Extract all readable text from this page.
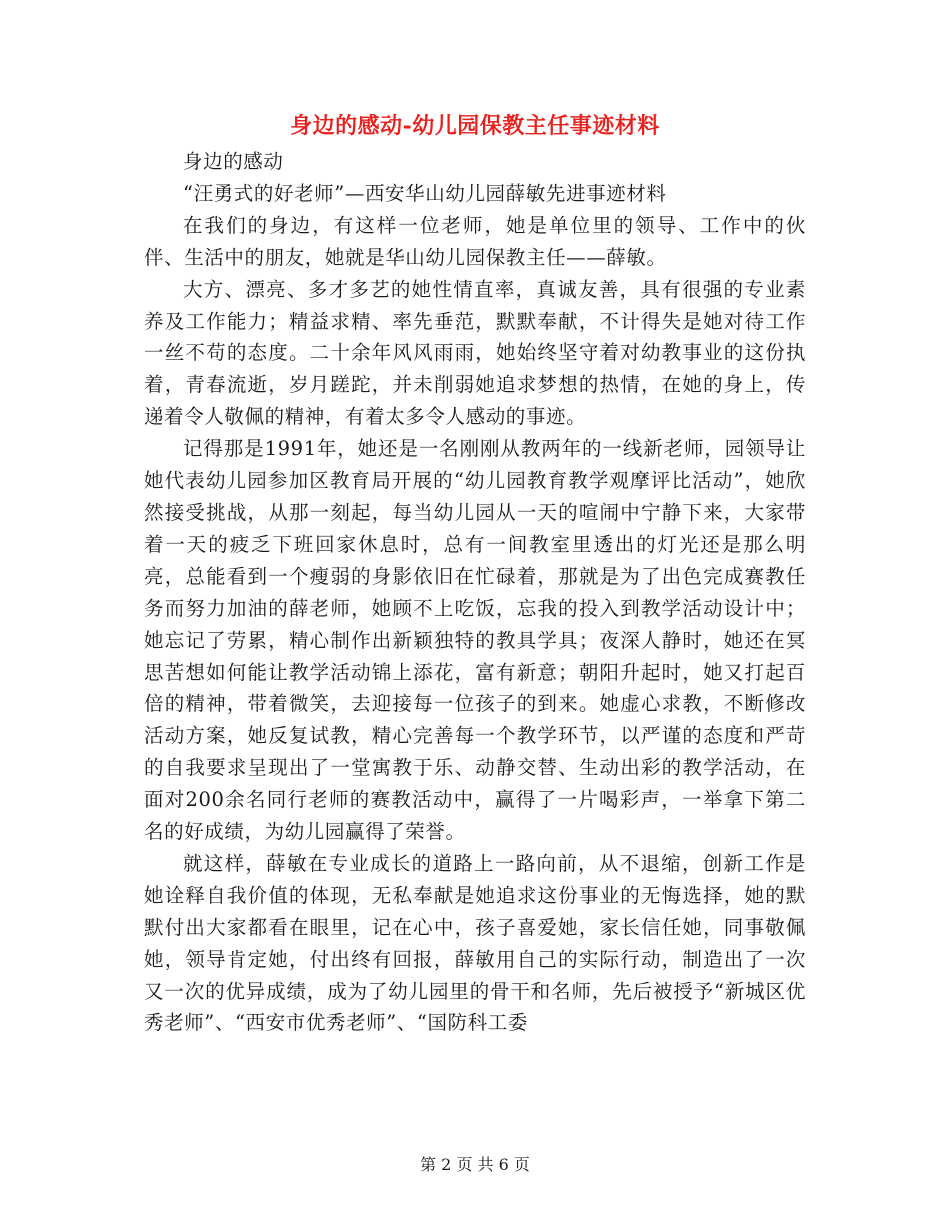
身边的感动-幼儿园保教主任事迹材料

身边的感动

“汪勇式的好老师”—西安华山幼儿园薛敏先进事迹材料

在我们的身边，有这样一位老师，她是单位里的领导、工作中的伙伴、生活中的朋友，她就是华山幼儿园保教主任——薛敏。

大方、漂亮、多才多艺的她性情直率，真诚友善，具有很强的专业素养及工作能力；精益求精、率先垂范，默默奉献，不计得失是她对待工作一丝不苟的态度。二十余年风风雨雨，她始终坚守着对幼教事业的这份执着，青春流逝，岁月蹉跎，并未削弱她追求梦想的热情，在她的身上，传递着令人敬佩的精神，有着太多令人感动的事迹。

记得那是1991年，她还是一名刚刚从教两年的一线新老师，园领导让她代表幼儿园参加区教育局开展的“幼儿园教育教学观摩评比活动”，她欣然接受挑战，从那一刻起，每当幼儿园从一天的喧闹中宁静下来，大家带着一天的疲乏下班回家休息时，总有一间教室里透出的灯光还是那么明亮，总能看到一个瘦弱的身影依旧在忙碌着，那就是为了出色完成赛教任务而努力加油的薛老师，她顾不上吃饭，忘我的投入到教学活动设计中；她忘记了劳累，精心制作出新颖独特的教具学具；夜深人静时，她还在冥思苦想如何能让教学活动锦上添花，富有新意；朝阳升起时，她又打起百倍的精神，带着微笑，去迎接每一位孩子的到来。她虚心求教，不断修改活动方案，她反复试教，精心完善每一个教学环节，以严谨的态度和严苛的自我要求呈现出了一堂寓教于乐、动静交替、生动出彩的教学活动，在面对200余名同行老师的赛教活动中，赢得了一片喝彩声，一举拿下第二名的好成绩，为幼儿园赢得了荣誉。

就这样，薛敏在专业成长的道路上一路向前，从不退缩，创新工作是她诠释自我价值的体现，无私奉献是她追求这份事业的无悔选择，她的默默付出大家都看在眼里，记在心中，孩子喜爱她，家长信任她，同事敬佩她，领导肯定她，付出终有回报，薛敏用自己的实际行动，制造出了一次又一次的优异成绩，成为了幼儿园里的骨干和名师，先后被授予“新城区优秀老师”、“西安市优秀老师”、“国防科工委

第 2 页 共 6 页
